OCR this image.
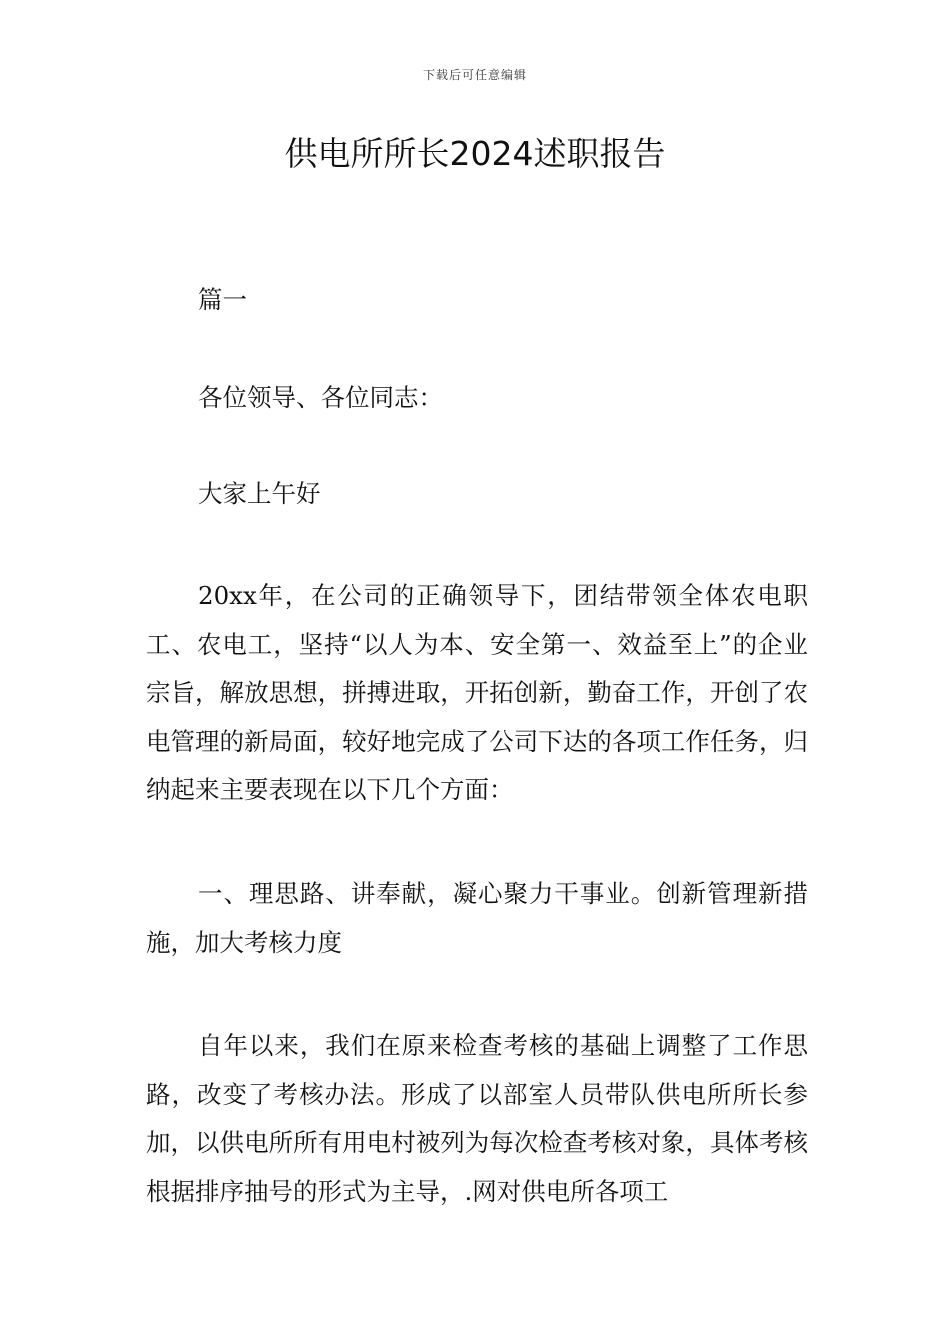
下载后可任意编辑
供电所所长2024述职报告

篇一

各位领导、各位同志：

大家上午好

20xx年，在公司的正确领导下，团结带领全体农电职工、农电工，坚持“以人为本、安全第一、效益至上”的企业宗旨，解放思想，拼搏进取，开拓创新，勤奋工作，开创了农电管理的新局面，较好地完成了公司下达的各项工作任务，归纳起来主要表现在以下几个方面：

一、理思路、讲奉献，凝心聚力干事业。创新管理新措施，加大考核力度

自年以来，我们在原来检查考核的基础上调整了工作思路，改变了考核办法。形成了以部室人员带队供电所所长参加，以供电所所有用电村被列为每次检查考核对象，具体考核根据排序抽号的形式为主导，.网对供电所各项工
